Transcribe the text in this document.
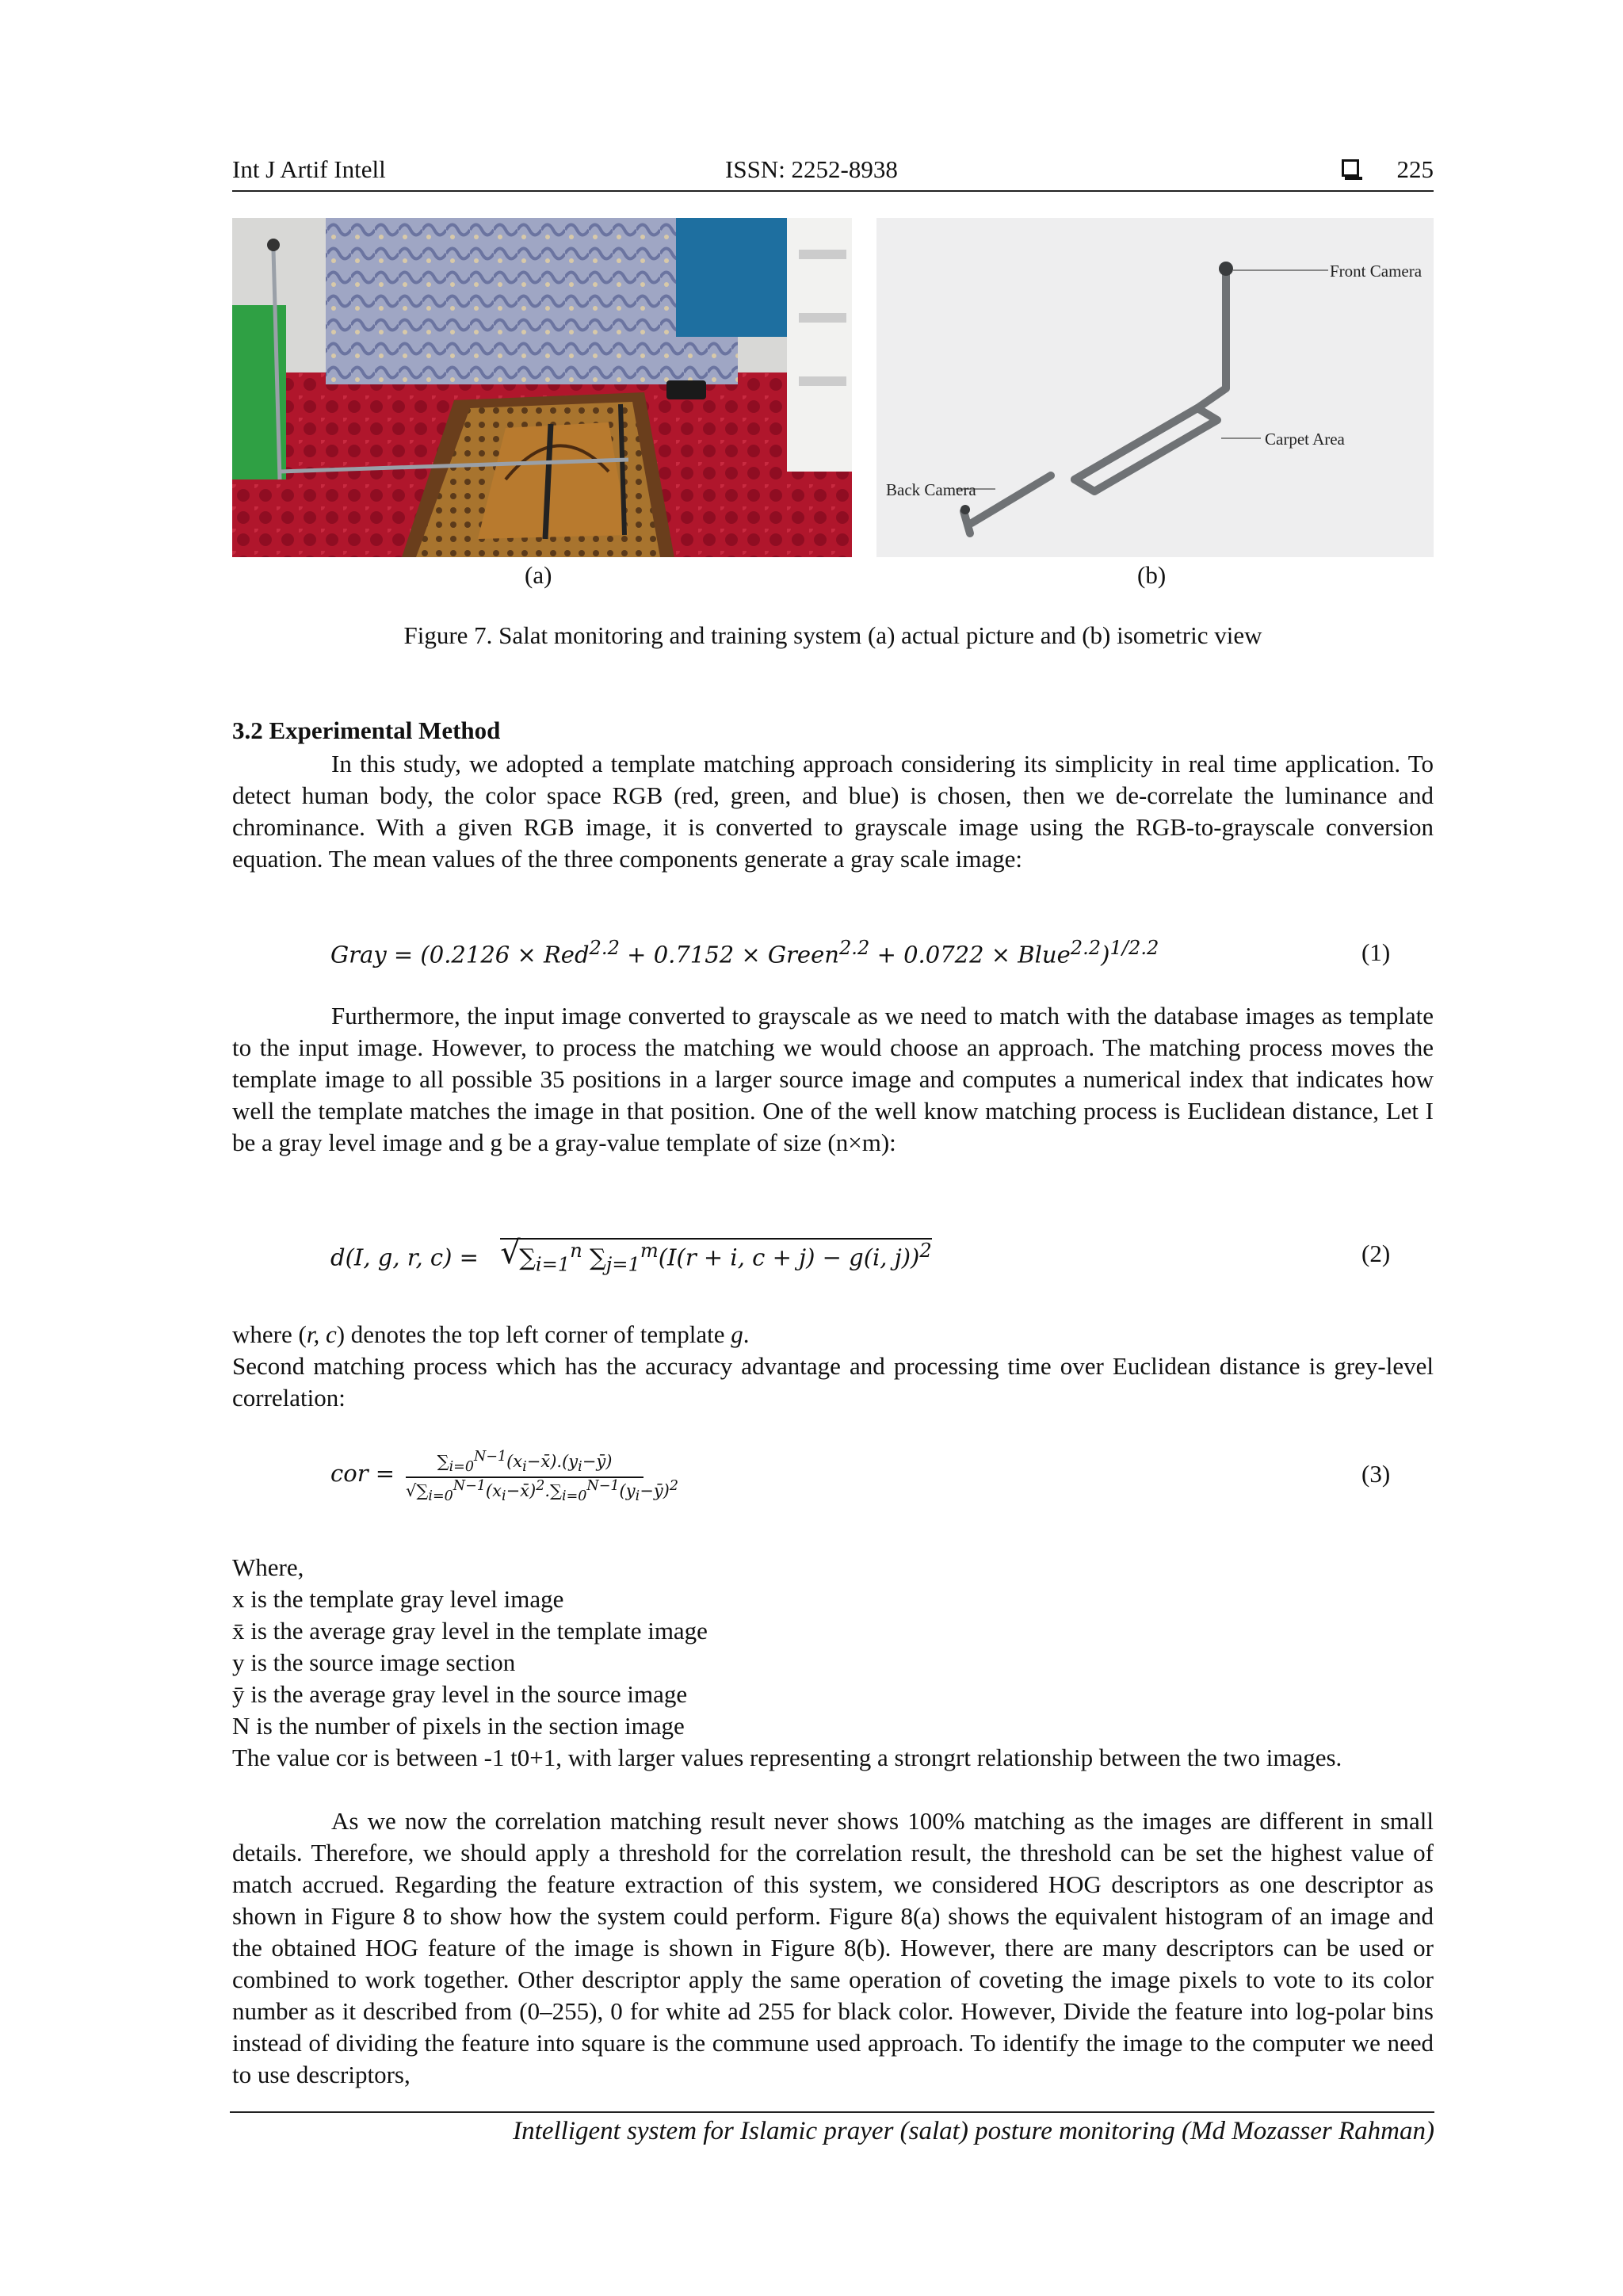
Int J Artif Intell	ISSN: 2252-8938	225
Front Camera
Carpet Area
Back Camera
(a)	(b)
Figure 7. Salat monitoring and training system (a) actual picture and (b) isometric view
3.2 Experimental Method

In this study, we adopted a template matching approach considering its simplicity in real time application. To detect human body, the color space RGB (red, green, and blue) is chosen, then we de-correlate the luminance and chrominance. With a given RGB image, it is converted to grayscale image using the RGB-to-grayscale conversion equation. The mean values of the three components generate a gray scale image:

Gray = (0.2126 × Red$^{2.2}$ + 0.7152 × Green$^{2.2}$ + 0.0722 × Blue$^{2.2}$)$^{1/2.2}$	(1)

Furthermore, the input image converted to grayscale as we need to match with the database images as template to the input image. However, to process the matching we would choose an approach. The matching process moves the template image to all possible 35 positions in a larger source image and computes a numerical index that indicates how well the template matches the image in that position. One of the well know matching process is Euclidean distance, Let I be a gray level image and g be a gray-value template of size (n×m):

d(I, g, r, c) = √
$\sum_{i=1}^n$ $\sum_{j=1}^m(I(r + i$, c + j) − g(i, j))$^2$	(2)
where (r, c) denotes the top left corner of template g.

Second matching process which has the accuracy advantage and processing time over Euclidean distance is grey-level correlation:

cor =	$\sum_{i=0}^{N-1}(x_i-x̄).(y_i-ȳ)$
$√\sum_{i=0}^{N-1}(x_i-x̄)^2.\sum_{i=0}^{N-1}(y_i-ȳ)^2$	(3)
Where,
x is the template gray level image
x̄ is the average gray level in the template image
y is the source image section
ȳ is the average gray level in the source image
N is the number of pixels in the section image

The value cor is between -1 t0+1, with larger values representing a strongrt relationship between the two images.

As we now the correlation matching result never shows 100% matching as the images are different in small details. Therefore, we should apply a threshold for the correlation result, the threshold can be set the highest value of match accrued. Regarding the feature extraction of this system, we considered HOG descriptors as one descriptor as shown in Figure 8 to show how the system could perform. Figure 8(a) shows the equivalent histogram of an image and the obtained HOG feature of the image is shown in Figure 8(b). However, there are many descriptors can be used or combined to work together. Other descriptor apply the same operation of coveting the image pixels to vote to its color number as it described from (0–255), 0 for white ad 255 for black color. However, Divide the feature into log-polar bins instead of dividing the feature into square is the commune used approach. To identify the image to the computer we need to use descriptors,

Intelligent system for Islamic prayer (salat) posture monitoring (Md Mozasser Rahman)
